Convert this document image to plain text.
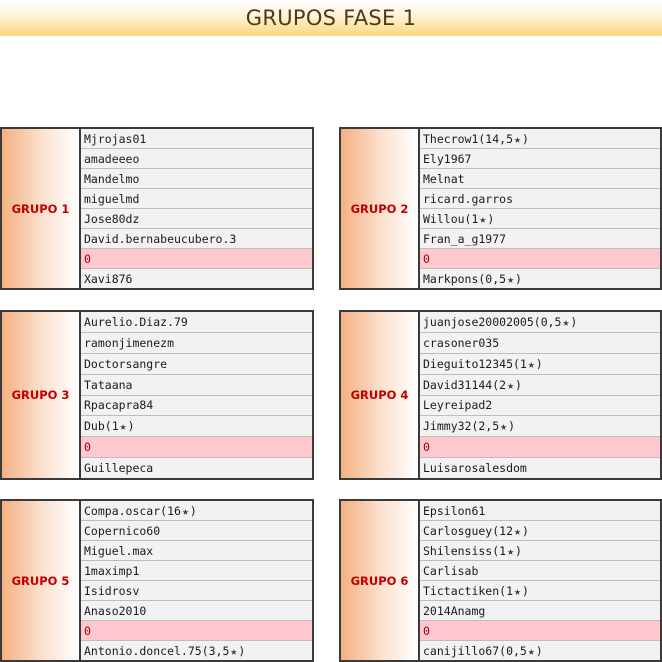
GRUPOS FASE 1
GRUPO 1
Mjrojas01
amadeeeo
Mandelmo
miguelmd
Jose80dz
David.bernabeucubero.3
0
Xavi876
GRUPO 2
Thecrow1(14,5 ★ )
Ely1967
Melnat
ricard.garros
Willou(1 ★ )
Fran_a_g1977
0
Markpons(0,5 ★ )
GRUPO 3
Aurelio.Diaz.79
ramonjimenezm
Doctorsangre
Tataana
Rpacapra84
Dub(1 ★ )
0
Guillepeca
GRUPO 4
juanjose20002005(0,5 ★ )
crasoner035
Dieguito12345(1 ★ )
David31144(2 ★ )
Leyreipad2
Jimmy32(2,5 ★ )
0
Luisarosalesdom
GRUPO 5
Compa.oscar(16 ★ )
Copernico60
Miguel.max
1maximp1
Isidrosv
Anaso2010
0
Antonio.doncel.75(3,5 ★ )
GRUPO 6
Epsilon61
Carlosguey(12 ★ )
Shilensiss(1 ★ )
Carlisab
Tictactiken(1 ★ )
2014Anamg
0
canijillo67(0,5 ★ )
